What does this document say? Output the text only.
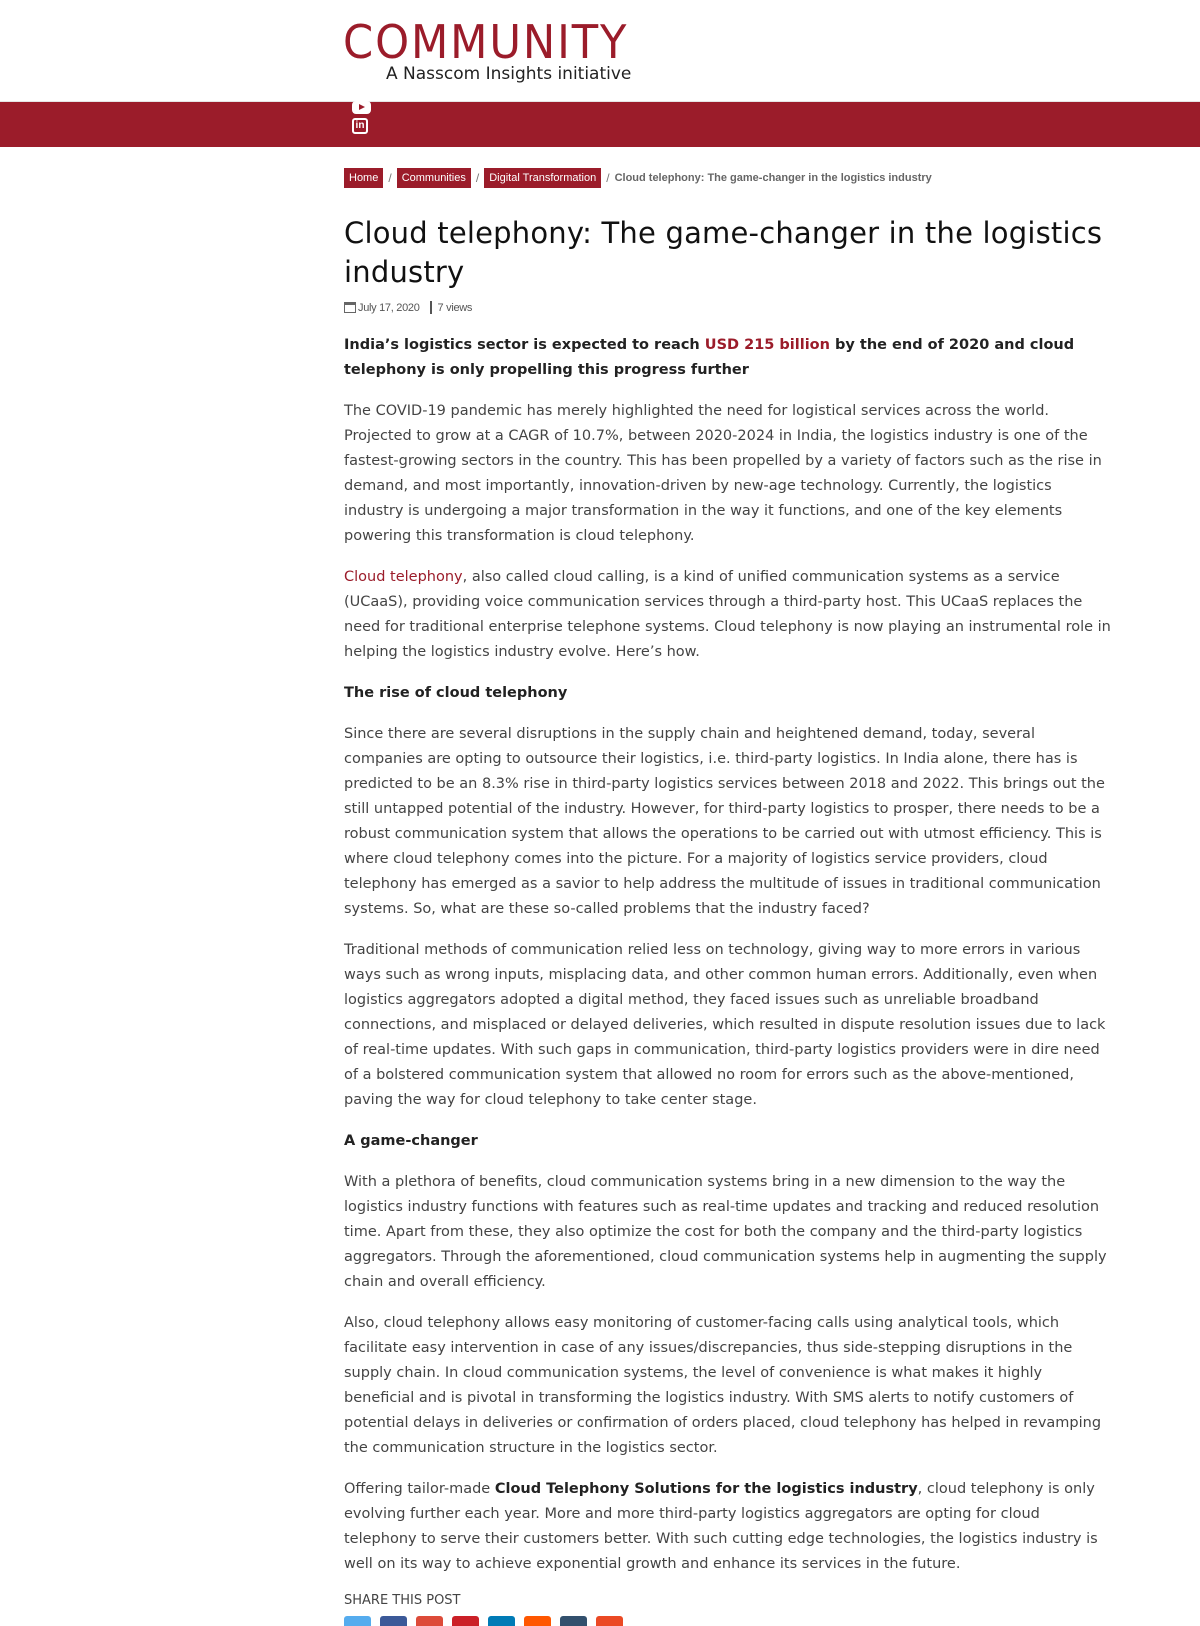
COMMUNITY
A Nasscom Insights initiative
in
Home / Communities / Digital Transformation / Cloud telephony: The game-changer in the logistics industry
Cloud telephony: The game-changer in the logistics industry
July 17, 2020 7 views

India’s logistics sector is expected to reach USD 215 billion by the end of 2020 and cloud telephony is only propelling this progress further

The COVID-19 pandemic has merely highlighted the need for logistical services across the world. Projected to grow at a CAGR of 10.7%, between 2020-2024 in India, the logistics industry is one of the fastest-growing sectors in the country. This has been propelled by a variety of factors such as the rise in demand, and most importantly, innovation-driven by new-age technology. Currently, the logistics industry is undergoing a major transformation in the way it functions, and one of the key elements powering this transformation is cloud telephony.

Cloud telephony, also called cloud calling, is a kind of unified communication systems as a service (UCaaS), providing voice communication services through a third-party host. This UCaaS replaces the need for traditional enterprise telephone systems. Cloud telephony is now playing an instrumental role in helping the logistics industry evolve. Here’s how.

The rise of cloud telephony

Since there are several disruptions in the supply chain and heightened demand, today, several companies are opting to outsource their logistics, i.e. third-party logistics. In India alone, there has is predicted to be an 8.3% rise in third-party logistics services between 2018 and 2022. This brings out the still untapped potential of the industry. However, for third-party logistics to prosper, there needs to be a robust communication system that allows the operations to be carried out with utmost efficiency. This is where cloud telephony comes into the picture. For a majority of logistics service providers, cloud telephony has emerged as a savior to help address the multitude of issues in traditional communication systems. So, what are these so-called problems that the industry faced?

Traditional methods of communication relied less on technology, giving way to more errors in various ways such as wrong inputs, misplacing data, and other common human errors. Additionally, even when logistics aggregators adopted a digital method, they faced issues such as unreliable broadband connections, and misplaced or delayed deliveries, which resulted in dispute resolution issues due to lack of real-time updates. With such gaps in communication, third-party logistics providers were in dire need of a bolstered communication system that allowed no room for errors such as the above-mentioned, paving the way for cloud telephony to take center stage.

A game-changer

With a plethora of benefits, cloud communication systems bring in a new dimension to the way the logistics industry functions with features such as real-time updates and tracking and reduced resolution time. Apart from these, they also optimize the cost for both the company and the third-party logistics aggregators. Through the aforementioned, cloud communication systems help in augmenting the supply chain and overall efficiency.

Also, cloud telephony allows easy monitoring of customer-facing calls using analytical tools, which facilitate easy intervention in case of any issues/discrepancies, thus side-stepping disruptions in the supply chain. In cloud communication systems, the level of convenience is what makes it highly beneficial and is pivotal in transforming the logistics industry. With SMS alerts to notify customers of potential delays in deliveries or confirmation of orders placed, cloud telephony has helped in revamping the communication structure in the logistics sector.

Offering tailor-made Cloud Telephony Solutions for the logistics industry, cloud telephony is only evolving further each year. More and more third-party logistics aggregators are opting for cloud telephony to serve their customers better. With such cutting edge technologies, the logistics industry is well on its way to achieve exponential growth and enhance its services in the future.

SHARE THIS POST
